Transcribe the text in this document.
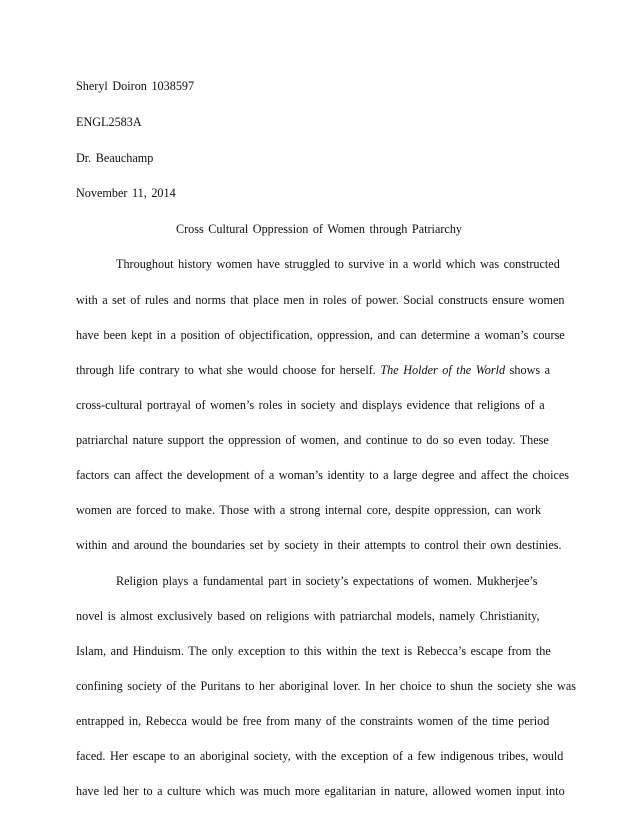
Sheryl Doiron 1038597
ENGL2583A
Dr. Beauchamp
November 11, 2014
Cross Cultural Oppression of Women through Patriarchy
Throughout history women have struggled to survive in a world which was constructed
with a set of rules and norms that place men in roles of power. Social constructs ensure women
have been kept in a position of objectification, oppression, and can determine a woman’s course
through life contrary to what she would choose for herself. The Holder of the World shows a
cross-cultural portrayal of women’s roles in society and displays evidence that religions of a
patriarchal nature support the oppression of women, and continue to do so even today. These
factors can affect the development of a woman’s identity to a large degree and affect the choices
women are forced to make. Those with a strong internal core, despite oppression, can work
within and around the boundaries set by society in their attempts to control their own destinies.
Religion plays a fundamental part in society’s expectations of women. Mukherjee’s
novel is almost exclusively based on religions with patriarchal models, namely Christianity,
Islam, and Hinduism. The only exception to this within the text is Rebecca’s escape from the
confining society of the Puritans to her aboriginal lover. In her choice to shun the society she was
entrapped in, Rebecca would be free from many of the constraints women of the time period
faced. Her escape to an aboriginal society, with the exception of a few indigenous tribes, would
have led her to a culture which was much more egalitarian in nature, allowed women input into
